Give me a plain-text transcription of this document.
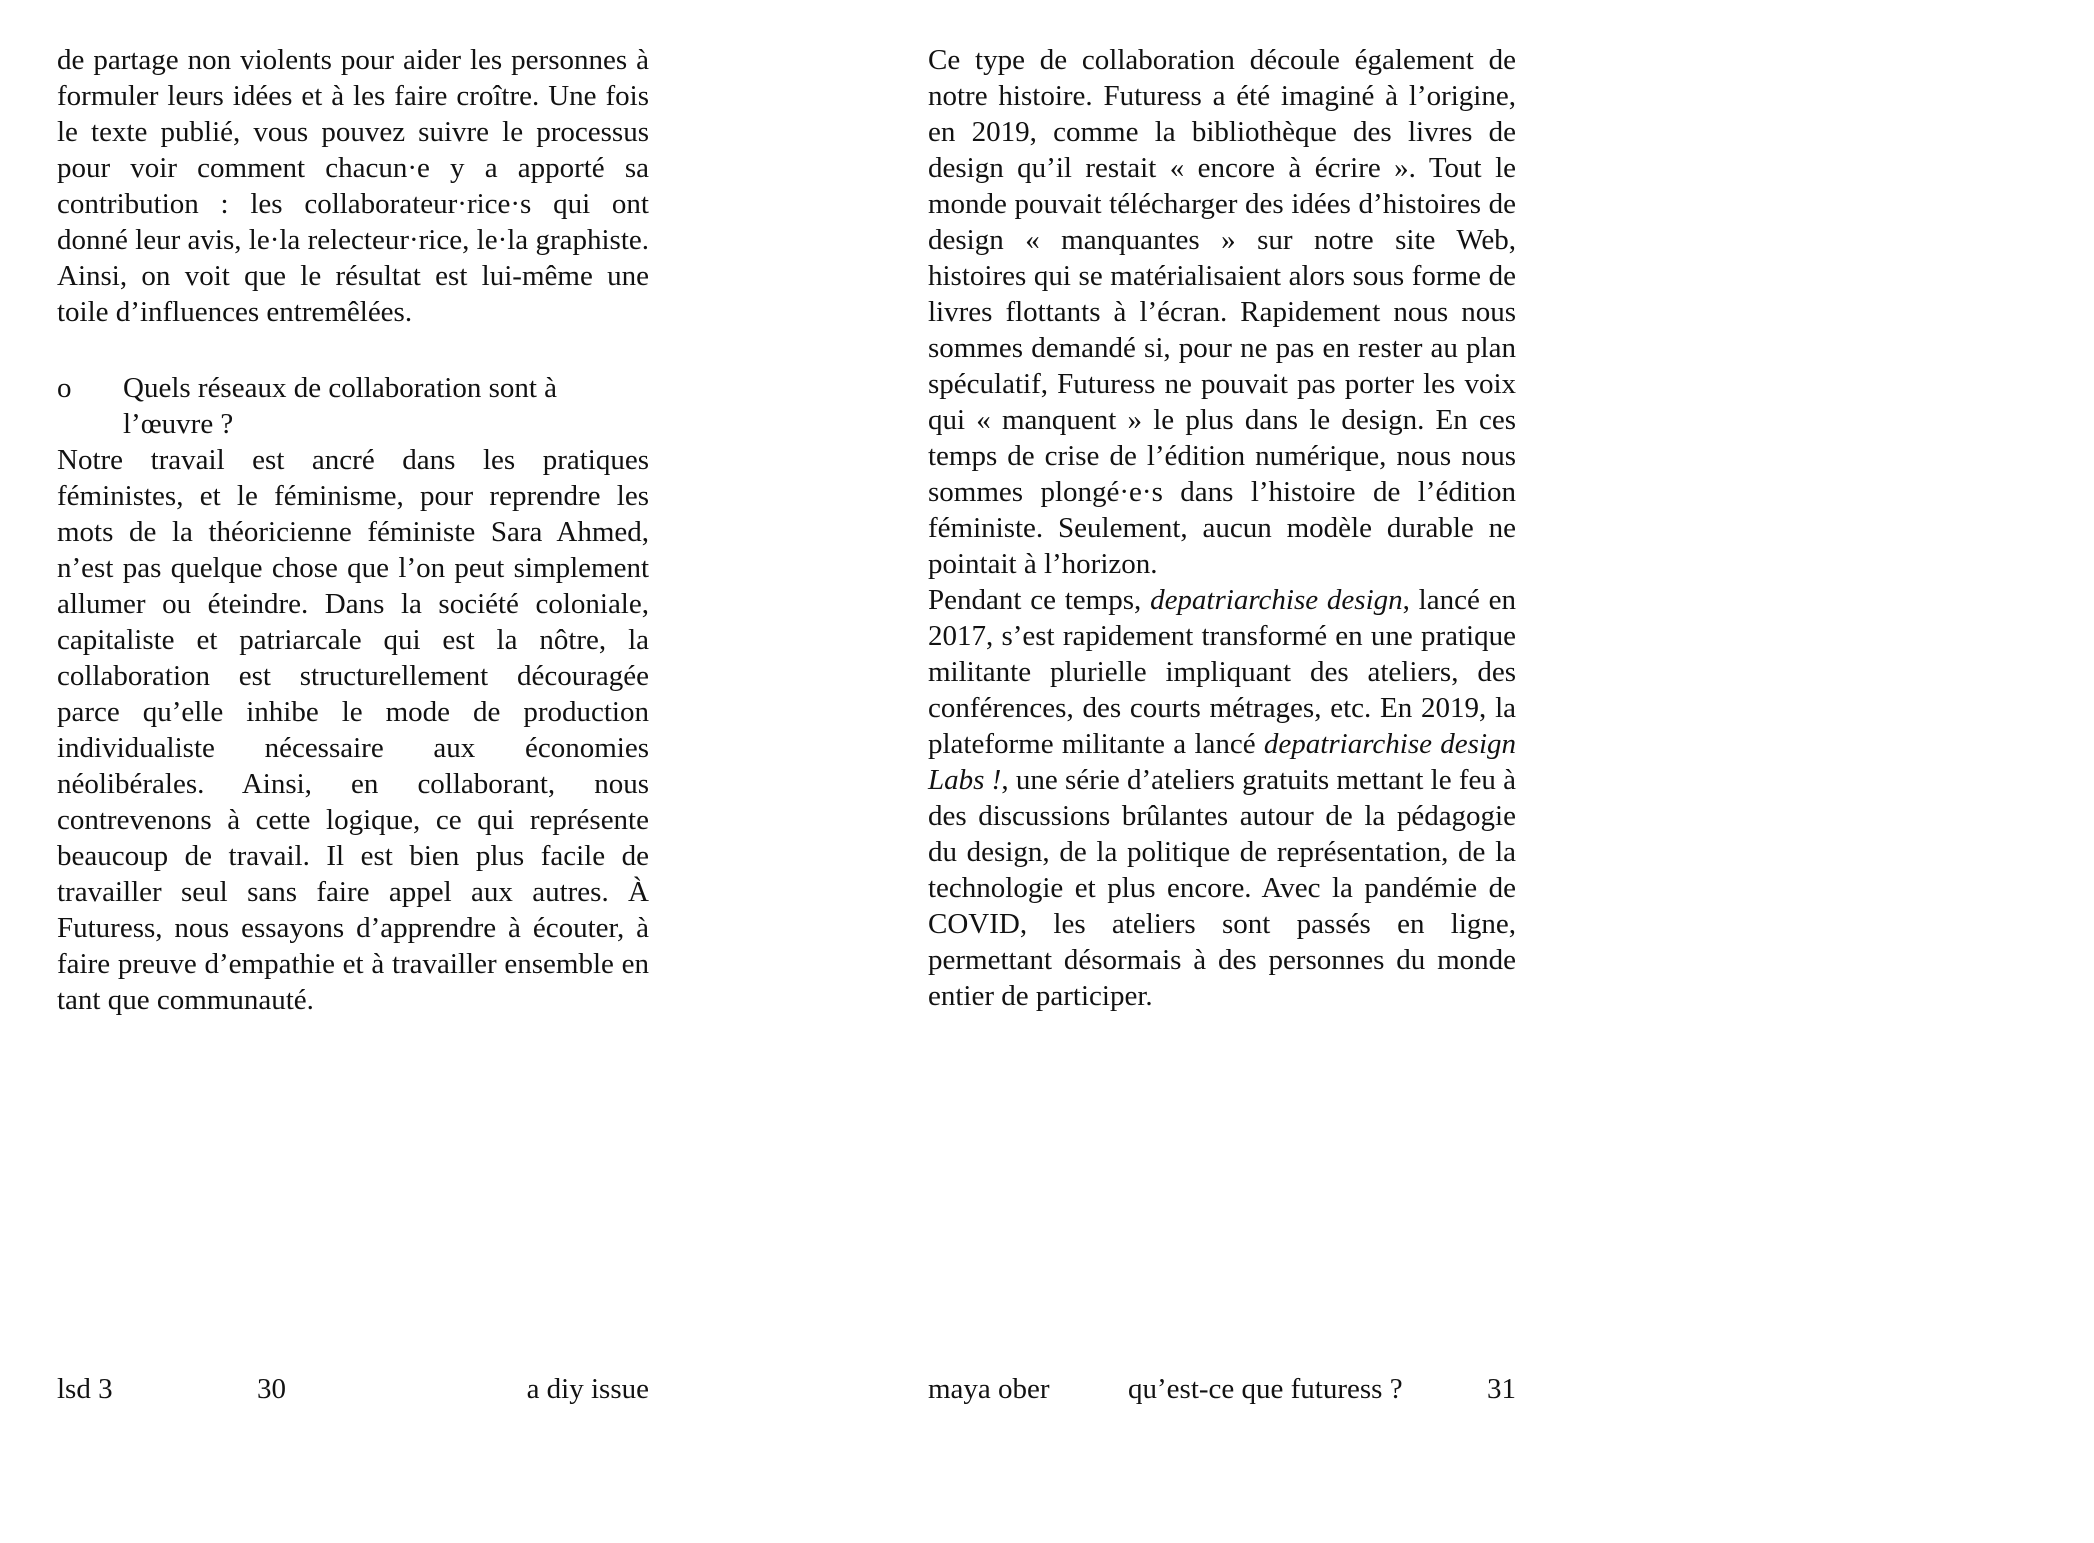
de partage non violents pour aider les personnes à formuler leurs idées et à les faire croître. Une fois le texte publié, vous pouvez suivre le processus pour voir comment chacun·e y a apporté sa contribution : les collaborateur·rice·s qui ont donné leur avis, le·la relecteur·rice, le·la graphiste. Ainsi, on voit que le résultat est lui-même une toile d’influences entremêlées.

o	Quels réseaux de collaboration sont à l’œuvre ?

Notre travail est ancré dans les pratiques féministes, et le féminisme, pour reprendre les mots de la théoricienne féministe Sara Ahmed, n’est pas quelque chose que l’on peut simplement allumer ou éteindre. Dans la société coloniale, capitaliste et patriarcale qui est la nôtre, la collaboration est structurellement découragée parce qu’elle inhibe le mode de production individualiste nécessaire aux économies néolibérales. Ainsi, en collaborant, nous contrevenons à cette logique, ce qui représente beaucoup de travail. Il est bien plus facile de travailler seul sans faire appel aux autres. À Futuress, nous essayons d’apprendre à écouter, à faire preuve d’empathie et à travailler ensemble en tant que communauté.

lsd 3	30	a diy issue

Ce type de collaboration découle également de notre histoire. Futuress a été imaginé à l’origine, en 2019, comme la bibliothèque des livres de design qu’il restait « encore à écrire ». Tout le monde pouvait télécharger des idées d’histoires de design « manquantes » sur notre site Web, histoires qui se matérialisaient alors sous forme de livres flottants à l’écran. Rapidement nous nous sommes demandé si, pour ne pas en rester au plan spéculatif, Futuress ne pouvait pas porter les voix qui « manquent » le plus dans le design. En ces temps de crise de l’édition numérique, nous nous sommes plongé·e·s dans l’histoire de l’édition féministe. Seulement, aucun modèle durable ne pointait à l’horizon.

Pendant ce temps, depatriarchise design, lancé en 2017, s’est rapidement transformé en une pratique militante plurielle impliquant des ateliers, des conférences, des courts métrages, etc. En 2019, la plateforme militante a lancé depatriarchise design Labs !, une série d’ateliers gratuits mettant le feu à des discussions brûlantes autour de la pédagogie du design, de la politique de représentation, de la technologie et plus encore. Avec la pandémie de COVID, les ateliers sont passés en ligne, permettant désormais à des personnes du monde entier de participer.

maya ober	qu’est-ce que futuress ?	31
